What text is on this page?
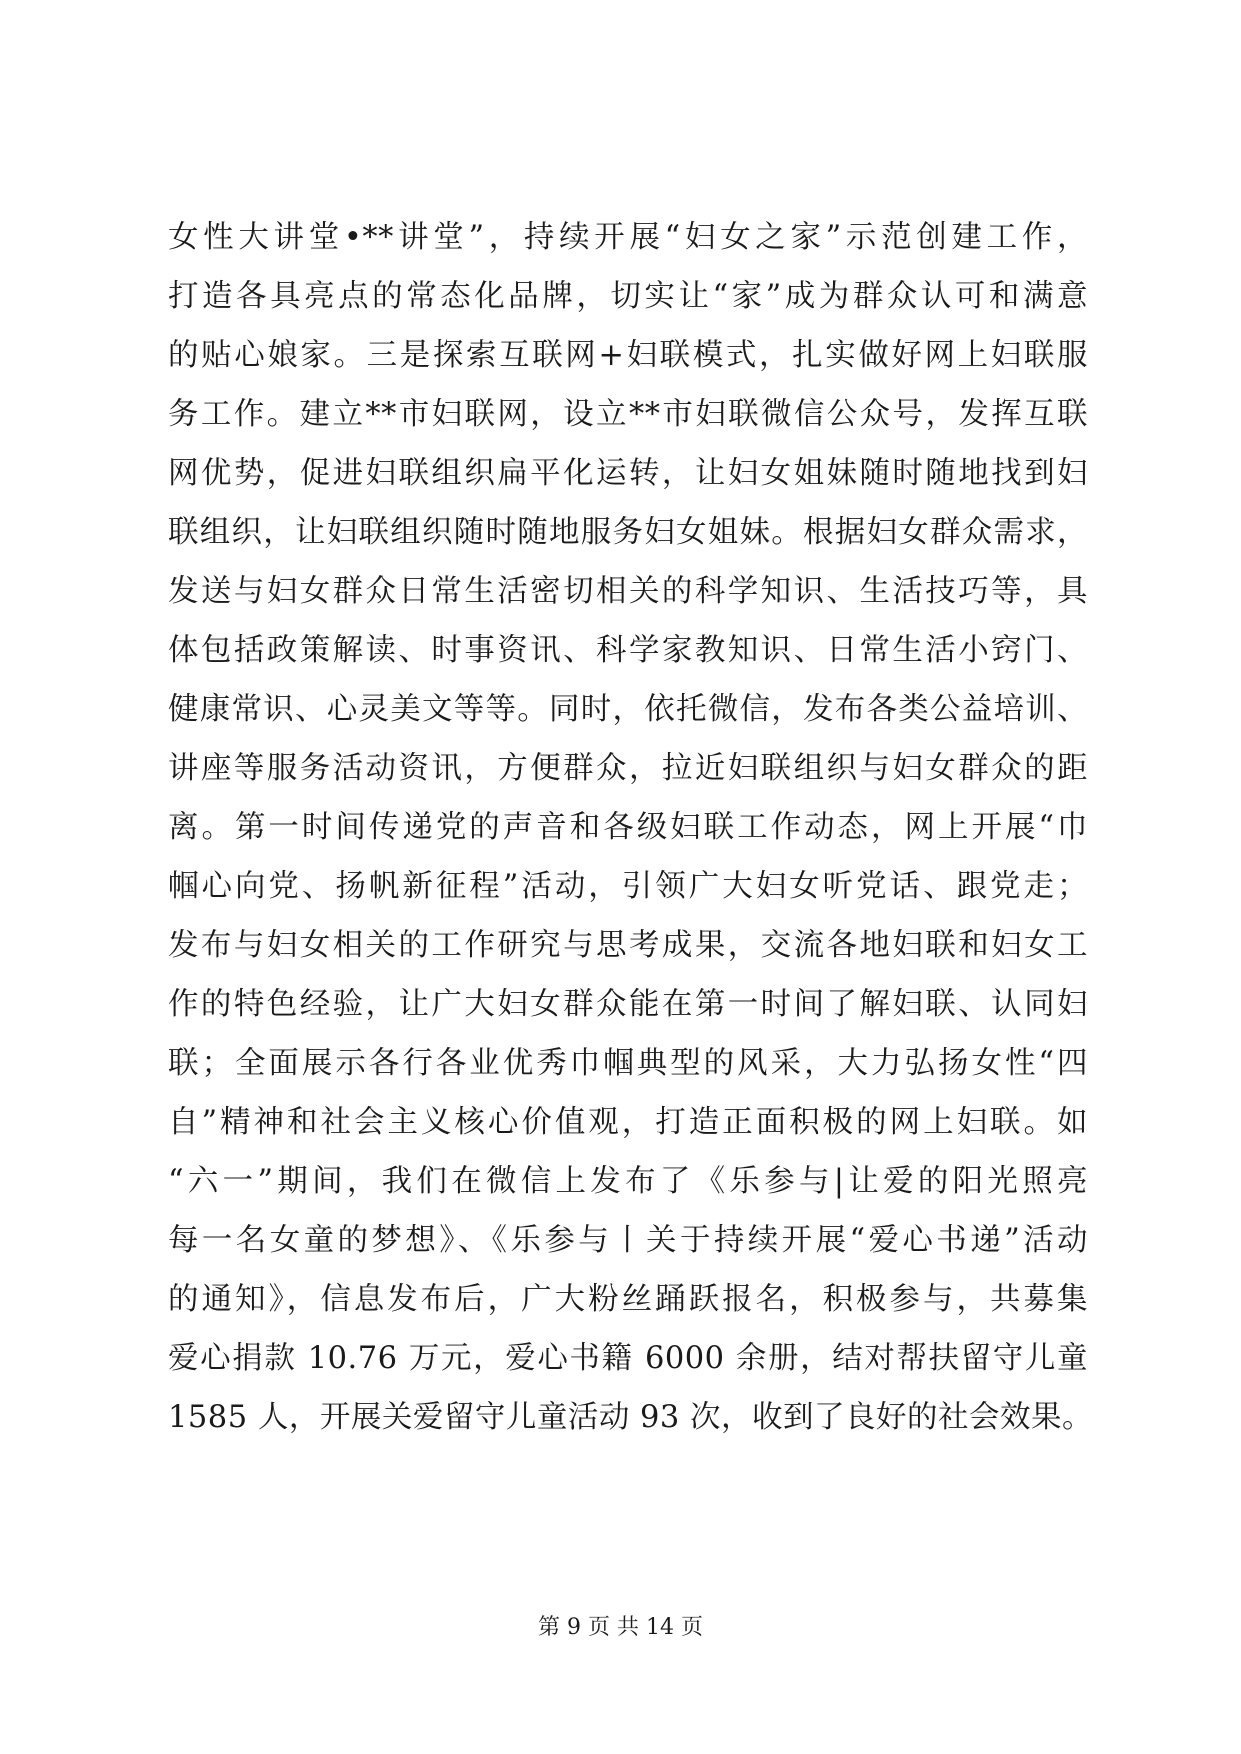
女性大讲堂•**讲堂”，持续开展“妇女之家”示范创建工作，
打造各具亮点的常态化品牌，切实让“家”成为群众认可和满意
的贴心娘家。三是探索互联网+妇联模式，扎实做好网上妇联服
务工作。建立**市妇联网，设立**市妇联微信公众号，发挥互联
网优势，促进妇联组织扁平化运转，让妇女姐妹随时随地找到妇
联组织，让妇联组织随时随地服务妇女姐妹。根据妇女群众需求，
发送与妇女群众日常生活密切相关的科学知识、生活技巧等，具
体包括政策解读、时事资讯、科学家教知识、日常生活小窍门、
健康常识、心灵美文等等。同时，依托微信，发布各类公益培训、
讲座等服务活动资讯，方便群众，拉近妇联组织与妇女群众的距
离。第一时间传递党的声音和各级妇联工作动态，网上开展“巾
帼心向党、扬帆新征程”活动，引领广大妇女听党话、跟党走；
发布与妇女相关的工作研究与思考成果，交流各地妇联和妇女工
作的特色经验，让广大妇女群众能在第一时间了解妇联、认同妇
联；全面展示各行各业优秀巾帼典型的风采，大力弘扬女性“四
自”精神和社会主义核心价值观，打造正面积极的网上妇联。如
“六一”期间，我们在微信上发布了《乐参与|让爱的阳光照亮
每一名女童的梦想》、《乐参与丨关于持续开展“爱心书递”活动
的通知》，信息发布后，广大粉丝踊跃报名，积极参与，共募集
爱心捐款 10.76 万元，爱心书籍 6000 余册，结对帮扶留守儿童
1585 人，开展关爱留守儿童活动 93 次，收到了良好的社会效果。
第 9 页 共 14 页
